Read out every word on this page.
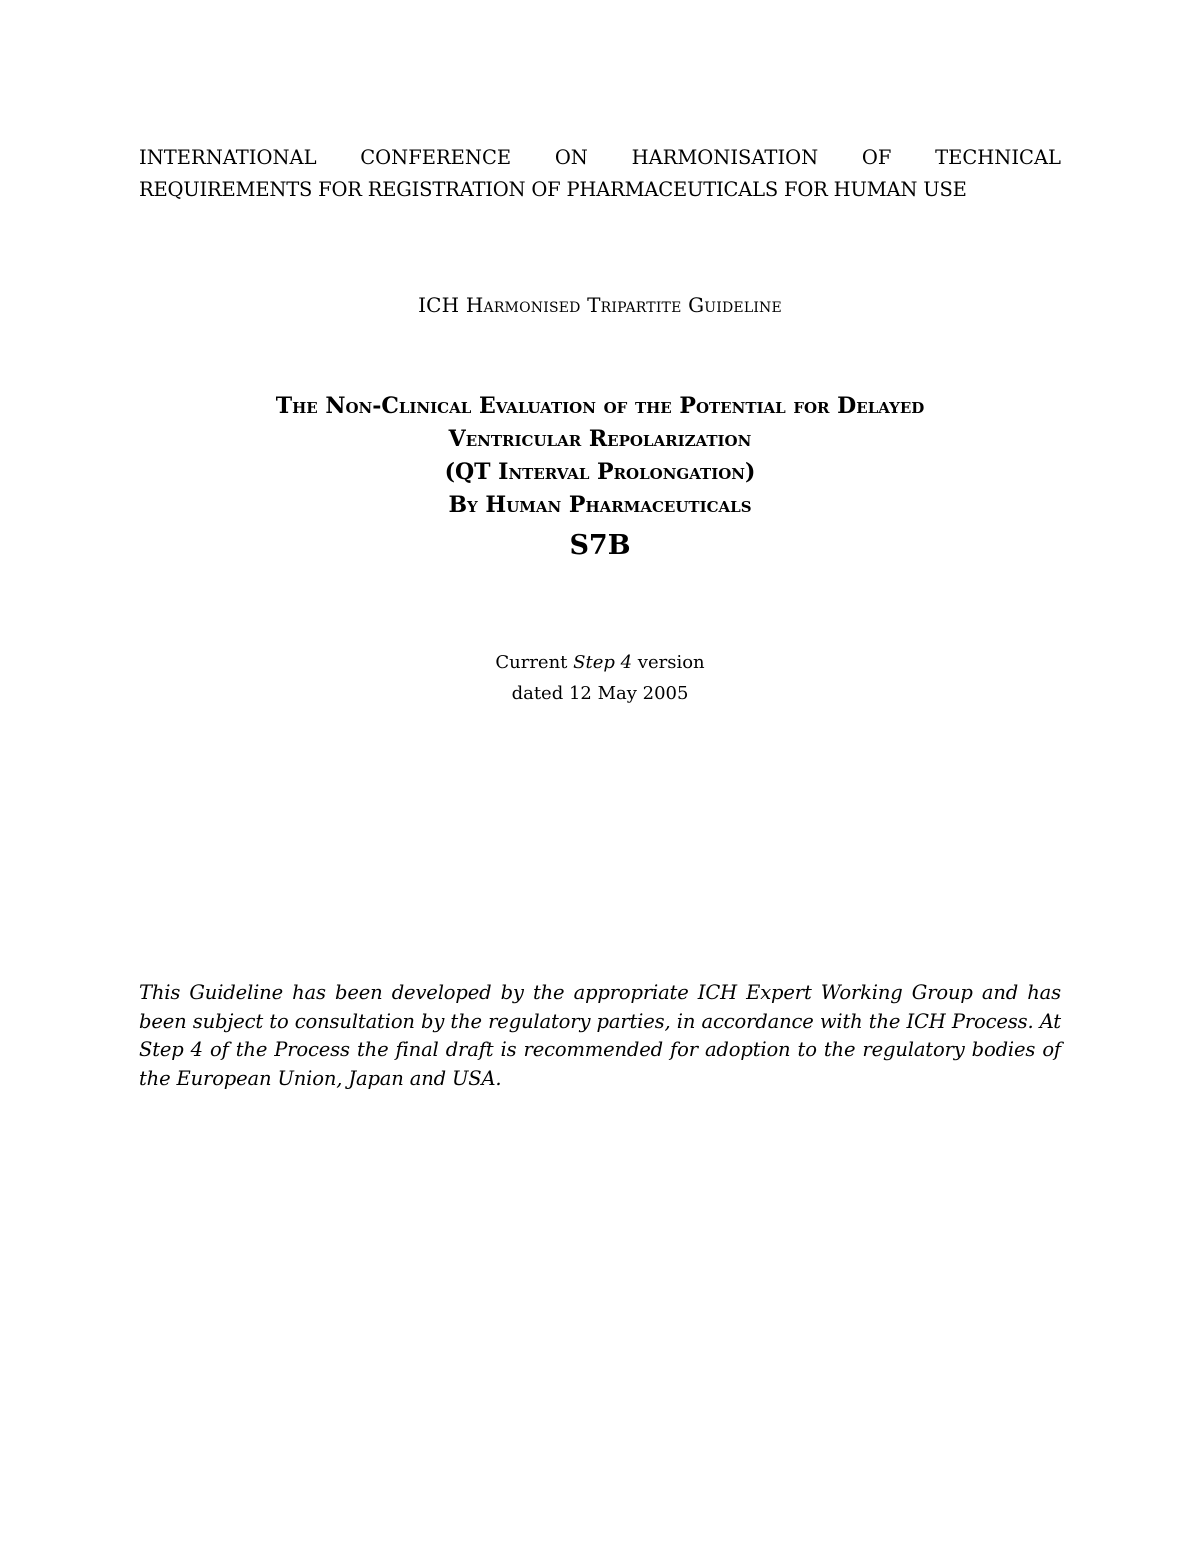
INTERNATIONAL CONFERENCE ON HARMONISATION OF TECHNICAL
REQUIREMENTS FOR REGISTRATION OF PHARMACEUTICALS FOR HUMAN USE
ICH Harmonised Tripartite Guideline
The Non-Clinical Evaluation of the Potential for Delayed
Ventricular Repolarization
(QT Interval Prolongation)
By Human Pharmaceuticals
S7B
Current Step 4 version
dated 12 May 2005
This Guideline has been developed by the appropriate ICH Expert Working Group and has been subject to consultation by the regulatory parties, in accordance with the ICH Process. At Step 4 of the Process the final draft is recommended for adoption to the regulatory bodies of the European Union, Japan and USA.
